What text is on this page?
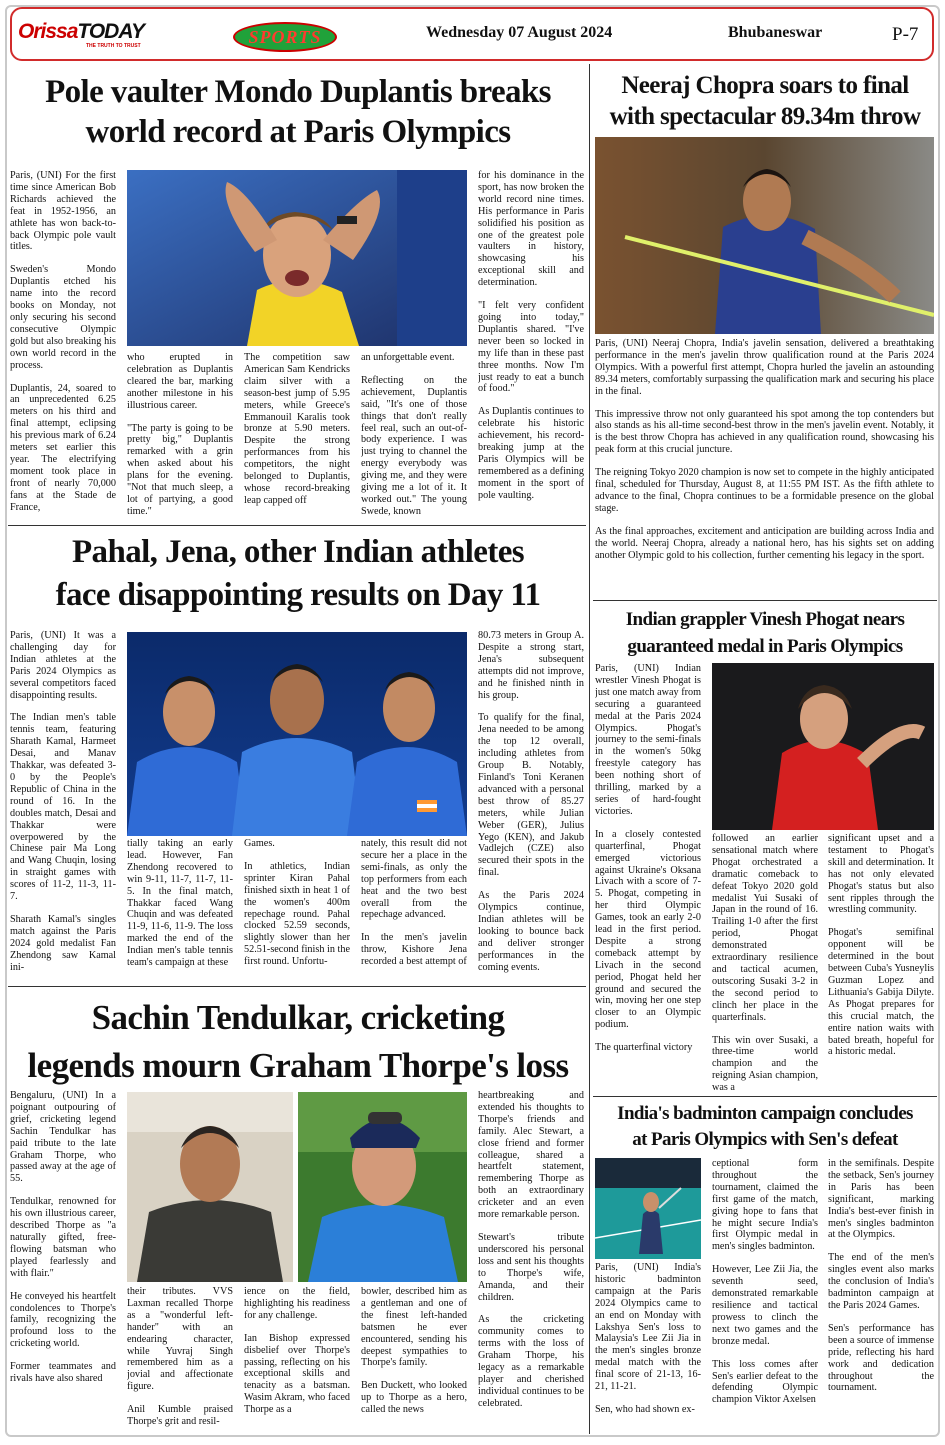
OrissaTODAY
THE TRUTH TO TRUST	SPORTS	Wednesday 07 August 2024	Bhubaneswar	P-7
Pole vaulter Mondo Duplantis breaks
world record at Paris Olympics

Paris, (UNI) For the first time since American Bob Richards achieved the feat in 1952-1956, an athlete has won back-to-back Olympic pole vault titles.

Sweden's Mondo Duplantis etched his name into the record books on Monday, not only securing his second consecutive Olympic gold but also breaking his own world record in the process.

Duplantis, 24, soared to an unprecedented 6.25 meters on his third and final attempt, eclipsing his previous mark of 6.24 meters set earlier this year. The electrifying moment took place in front of nearly 70,000 fans at the Stade de France,

who erupted in celebration as Duplantis cleared the bar, marking another milestone in his illustrious career.

"The party is going to be pretty big," Duplantis remarked with a grin when asked about his plans for the evening. "Not that much sleep, a lot of partying, a good time."

The competition saw American Sam Kendricks claim silver with a season-best jump of 5.95 meters, while Greece's Emmanouil Karalis took bronze at 5.90 meters. Despite the strong performances from his competitors, the night belonged to Duplantis, whose record-breaking leap capped off

an unforgettable event.

Reflecting on the achievement, Duplantis said, "It's one of those things that don't really feel real, such an out-of-body experience. I was just trying to channel the energy everybody was giving me, and they were giving me a lot of it. It worked out." The young Swede, known

for his dominance in the sport, has now broken the world record nine times. His performance in Paris solidified his position as one of the greatest pole vaulters in history, showcasing his exceptional skill and determination.

"I felt very confident going into today," Duplantis shared. "I've never been so locked in my life than in these past three months. Now I'm just ready to eat a bunch of food."

As Duplantis continues to celebrate his historic achievement, his record-breaking jump at the Paris Olympics will be remembered as a defining moment in the sport of pole vaulting.

Pahal, Jena, other Indian athletes
face disappointing results on Day 11

Paris, (UNI) It was a challenging day for Indian athletes at the Paris 2024 Olympics as several competitors faced disappointing results.

The Indian men's table tennis team, featuring Sharath Kamal, Harmeet Desai, and Manav Thakkar, was defeated 3-0 by the People's Republic of China in the round of 16. In the doubles match, Desai and Thakkar were overpowered by the Chinese pair Ma Long and Wang Chuqin, losing in straight games with scores of 11-2, 11-3, 11-7.

Sharath Kamal's singles match against the Paris 2024 gold medalist Fan Zhendong saw Kamal ini-

tially taking an early lead. However, Fan Zhendong recovered to win 9-11, 11-7, 11-7, 11-5. In the final match, Thakkar faced Wang Chuqin and was defeated 11-9, 11-6, 11-9. The loss marked the end of the Indian men's table tennis team's campaign at these

Games.

In athletics, Indian sprinter Kiran Pahal finished sixth in heat 1 of the women's 400m repechage round. Pahal clocked 52.59 seconds, slightly slower than her 52.51-second finish in the first round. Unfortu-

nately, this result did not secure her a place in the semi-finals, as only the top performers from each heat and the two best overall from the repechage advanced.

In the men's javelin throw, Kishore Jena recorded a best attempt of

80.73 meters in Group A. Despite a strong start, Jena's subsequent attempts did not improve, and he finished ninth in his group.

To qualify for the final, Jena needed to be among the top 12 overall, including athletes from Group B. Notably, Finland's Toni Keranen advanced with a personal best throw of 85.27 meters, while Julian Weber (GER), Julius Yego (KEN), and Jakub Vadlejch (CZE) also secured their spots in the final.

As the Paris 2024 Olympics continue, Indian athletes will be looking to bounce back and deliver stronger performances in the coming events.

Sachin Tendulkar, cricketing
legends mourn Graham Thorpe's loss

Bengaluru, (UNI) In a poignant outpouring of grief, cricketing legend Sachin Tendulkar has paid tribute to the late Graham Thorpe, who passed away at the age of 55.

Tendulkar, renowned for his own illustrious career, described Thorpe as "a naturally gifted, free-flowing batsman who played fearlessly and with flair."

He conveyed his heartfelt condolences to Thorpe's family, recognizing the profound loss to the cricketing world.

Former teammates and rivals have also shared

their tributes. VVS Laxman recalled Thorpe as a "wonderful left-hander" with an endearing character, while Yuvraj Singh remembered him as a jovial and affectionate figure.

Anil Kumble praised Thorpe's grit and resil-

ience on the field, highlighting his readiness for any challenge.

Ian Bishop expressed disbelief over Thorpe's passing, reflecting on his exceptional skills and tenacity as a batsman. Wasim Akram, who faced Thorpe as a

bowler, described him as a gentleman and one of the finest left-handed batsmen he ever encountered, sending his deepest sympathies to Thorpe's family.

Ben Duckett, who looked up to Thorpe as a hero, called the news

heartbreaking and extended his thoughts to Thorpe's friends and family. Alec Stewart, a close friend and former colleague, shared a heartfelt statement, remembering Thorpe as both an extraordinary cricketer and an even more remarkable person.

Stewart's tribute underscored his personal loss and sent his thoughts to Thorpe's wife, Amanda, and their children.

As the cricketing community comes to terms with the loss of Graham Thorpe, his legacy as a remarkable player and cherished individual continues to be celebrated.

Neeraj Chopra soars to final
with spectacular 89.34m throw

Paris, (UNI) Neeraj Chopra, India's javelin sensation, delivered a breathtaking performance in the men's javelin throw qualification round at the Paris 2024 Olympics. With a powerful first attempt, Chopra hurled the javelin an astounding 89.34 meters, comfortably surpassing the qualification mark and securing his place in the final.

This impressive throw not only guaranteed his spot among the top contenders but also stands as his all-time second-best throw in the men's javelin event. Notably, it is the best throw Chopra has achieved in any qualification round, showcasing his peak form at this crucial juncture.

The reigning Tokyo 2020 champion is now set to compete in the highly anticipated final, scheduled for Thursday, August 8, at 11:55 PM IST. As the fifth athlete to advance to the final, Chopra continues to be a formidable presence on the global stage.

As the final approaches, excitement and anticipation are building across India and the world. Neeraj Chopra, already a national hero, has his sights set on adding another Olympic gold to his collection, further cementing his legacy in the sport.

Indian grappler Vinesh Phogat nears
guaranteed medal in Paris Olympics

Paris, (UNI) Indian wrestler Vinesh Phogat is just one match away from securing a guaranteed medal at the Paris 2024 Olympics. Phogat's journey to the semi-finals in the women's 50kg freestyle category has been nothing short of thrilling, marked by a series of hard-fought victories.

In a closely contested quarterfinal, Phogat emerged victorious against Ukraine's Oksana Livach with a score of 7-5. Phogat, competing in her third Olympic Games, took an early 2-0 lead in the first period. Despite a strong comeback attempt by Livach in the second period, Phogat held her ground and secured the win, moving her one step closer to an Olympic podium.

The quarterfinal victory

followed an earlier sensational match where Phogat orchestrated a dramatic comeback to defeat Tokyo 2020 gold medalist Yui Susaki of Japan in the round of 16. Trailing 1-0 after the first period, Phogat demonstrated extraordinary resilience and tactical acumen, outscoring Susaki 3-2 in the second period to clinch her place in the quarterfinals.

This win over Susaki, a three-time world champion and the reigning Asian champion, was a

significant upset and a testament to Phogat's skill and determination. It has not only elevated Phogat's status but also sent ripples through the wrestling community.

Phogat's semifinal opponent will be determined in the bout between Cuba's Yusneylis Guzman Lopez and Lithuania's Gabija Dilyte. As Phogat prepares for this crucial match, the entire nation waits with bated breath, hopeful for a historic medal.

India's badminton campaign concludes
at Paris Olympics with Sen's defeat

Paris, (UNI) India's historic badminton campaign at the Paris 2024 Olympics came to an end on Monday with Lakshya Sen's loss to Malaysia's Lee Zii Jia in the men's singles bronze medal match with the final score of 21-13, 16-21, 11-21.

Sen, who had shown ex-

ceptional form throughout the tournament, claimed the first game of the match, giving hope to fans that he might secure India's first Olympic medal in men's singles badminton.

However, Lee Zii Jia, the seventh seed, demonstrated remarkable resilience and tactical prowess to clinch the next two games and the bronze medal.

This loss comes after Sen's earlier defeat to the defending Olympic champion Viktor Axelsen

in the semifinals. Despite the setback, Sen's journey in Paris has been significant, marking India's best-ever finish in men's singles badminton at the Olympics.

The end of the men's singles event also marks the conclusion of India's badminton campaign at the Paris 2024 Games.

Sen's performance has been a source of immense pride, reflecting his hard work and dedication throughout the tournament.
